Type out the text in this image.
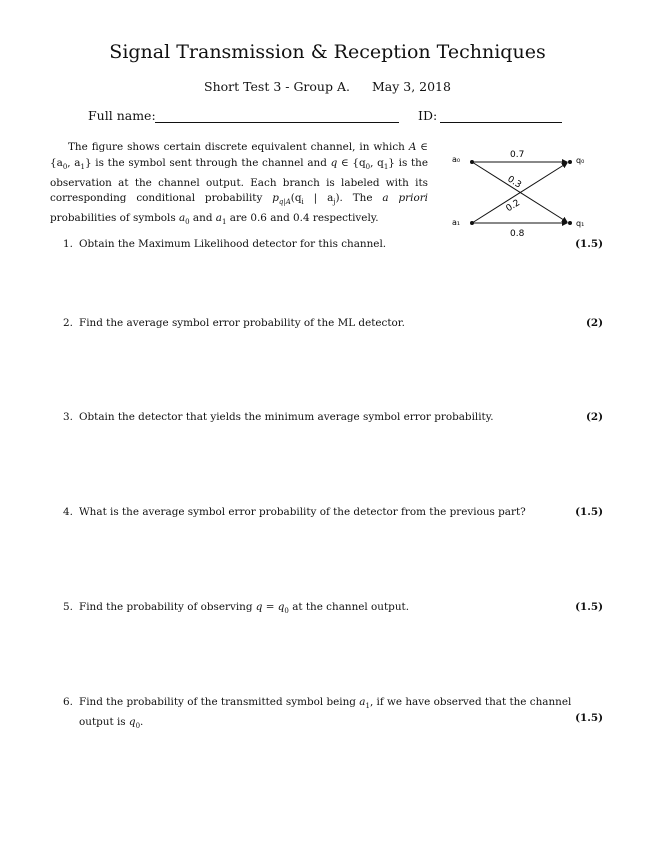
Signal Transmission & Reception Techniques
Short Test 3 - Group A. May 3, 2018
Full name:	ID:
The figure shows certain discrete equivalent channel, in which A ∈ {$a_0$, $a_1$} is the symbol sent through the channel and q ∈ {$q_0$, $q_1$} is the observation at the channel output. Each branch is labeled with its corresponding conditional probability $p_{q|A}(q_i$ | $a_j$). The a priori probabilities of symbols $a_0$ and $a_1$ are 0.6 and 0.4 respectively.
a₀
a₁
q₀
q₁
0.7
0.8
0.3
0.2
1. Obtain the Maximum Likelihood detector for this channel.	(1.5)
2. Find the average symbol error probability of the ML detector.	(2)
3. Obtain the detector that yields the minimum average symbol error probability.	(2)
4. What is the average symbol error probability of the detector from the previous part?	(1.5)
5. Find the probability of observing $q = q_0$ at the channel output.	(1.5)
6. Find the probability of the transmitted symbol being $a_1$, if we have observed that the channel output is $q_0$.	(1.5)
